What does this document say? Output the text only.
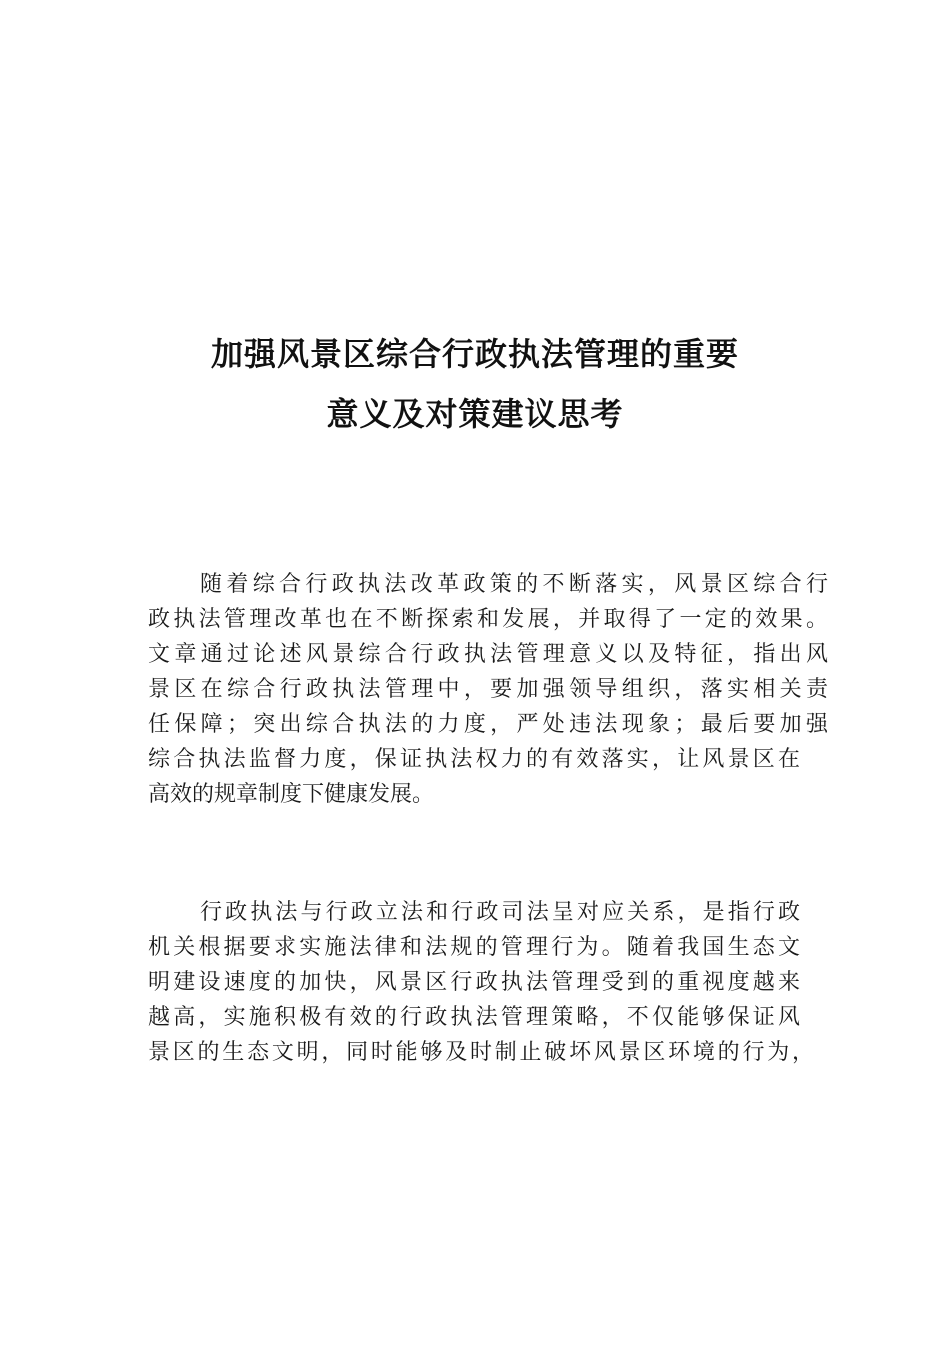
加强风景区综合行政执法管理的重要
意义及对策建议思考
随着综合行政执法改革政策的不断落实，风景区综合行
政执法管理改革也在不断探索和发展，并取得了一定的效果。
文章通过论述风景综合行政执法管理意义以及特征，指出风
景区在综合行政执法管理中，要加强领导组织，落实相关责
任保障；突出综合执法的力度，严处违法现象；最后要加强
综合执法监督力度，保证执法权力的有效落实，让风景区在
高效的规章制度下健康发展。
行政执法与行政立法和行政司法呈对应关系，是指行政
机关根据要求实施法律和法规的管理行为。随着我国生态文
明建设速度的加快，风景区行政执法管理受到的重视度越来
越高，实施积极有效的行政执法管理策略，不仅能够保证风
景区的生态文明，同时能够及时制止破坏风景区环境的行为，
